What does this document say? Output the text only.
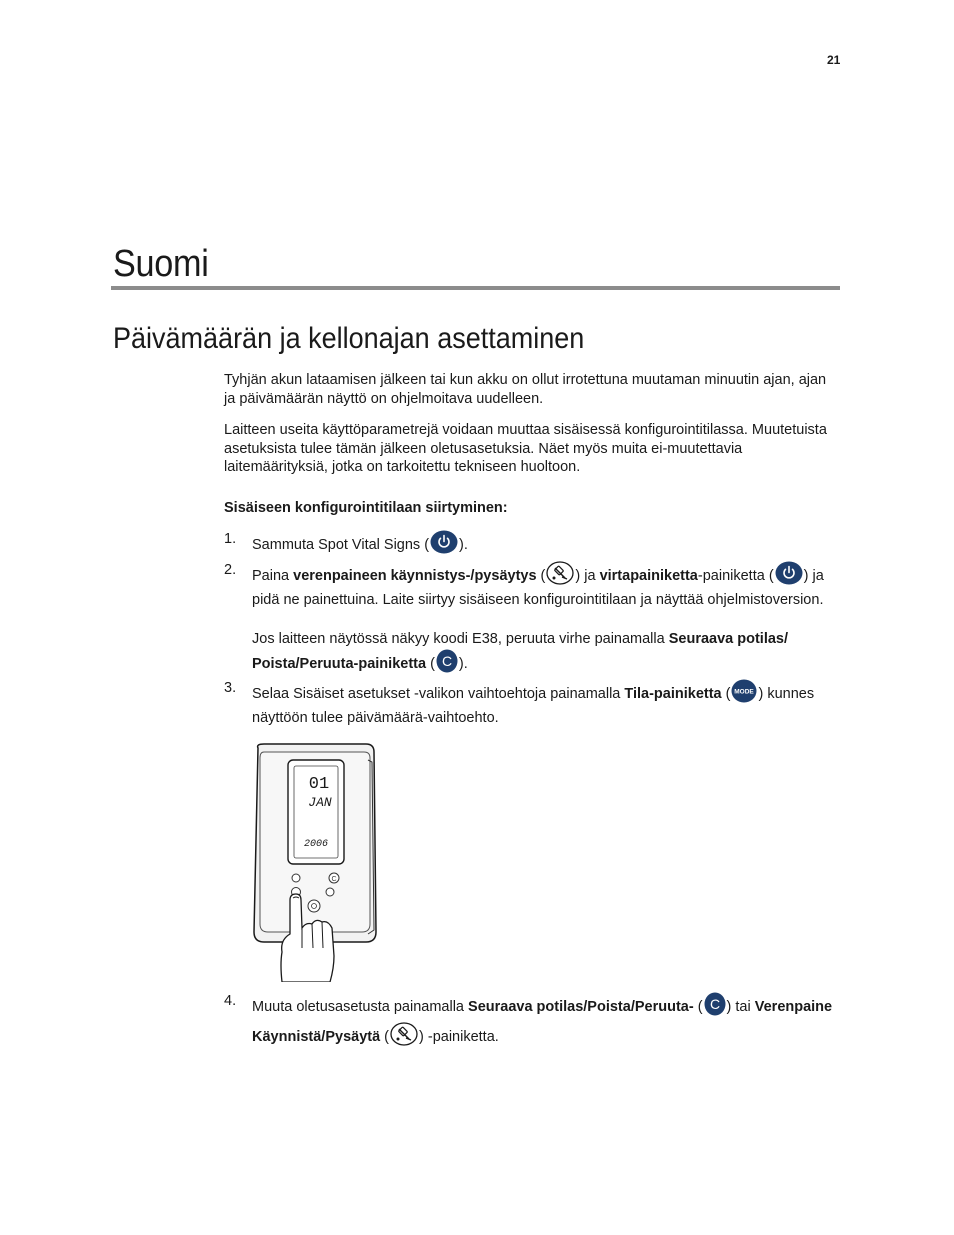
21
Suomi
Päivämäärän ja kellonajan asettaminen

Tyhjän akun lataamisen jälkeen tai kun akku on ollut irrotettuna muutaman minuutin ajan, ajan ja päivämäärän näyttö on ohjelmoitava uudelleen.

Laitteen useita käyttöparametrejä voidaan muuttaa sisäisessä konfigurointitilassa. Muutetuista asetuksista tulee tämän jälkeen oletusasetuksia. Näet myös muita ei-muutettavia laitemäärityksiä, jotka on tarkoitettu tekniseen huoltoon.

Sisäiseen konfigurointitilaan siirtyminen:

1. Sammuta Spot Vital Signs ( ).
2. Paina verenpaineen käynnistys-/pysäytys ( ) ja virtapainiketta-painiketta ( ) ja pidä ne painettuina. Laite siirtyy sisäiseen konfigurointitilaan ja näyttää ohjelmistoversion.
Jos laitteen näytössä näkyy koodi E38, peruuta virhe painamalla Seuraava potilas/ Poista/Peruuta-painiketta ( C ).
3. Selaa Sisäiset asetukset -valikon vaihtoehtoja painamalla Tila-painiketta ( MODE ) kunnes näyttöön tulee päivämäärä-vaihtoehto.
4. Muuta oletusasetusta painamalla Seuraava potilas/Poista/Peruuta- ( C ) tai Verenpaine Käynnistä/Pysäytä ( ) -painiketta.
01
JAN
2006
C
